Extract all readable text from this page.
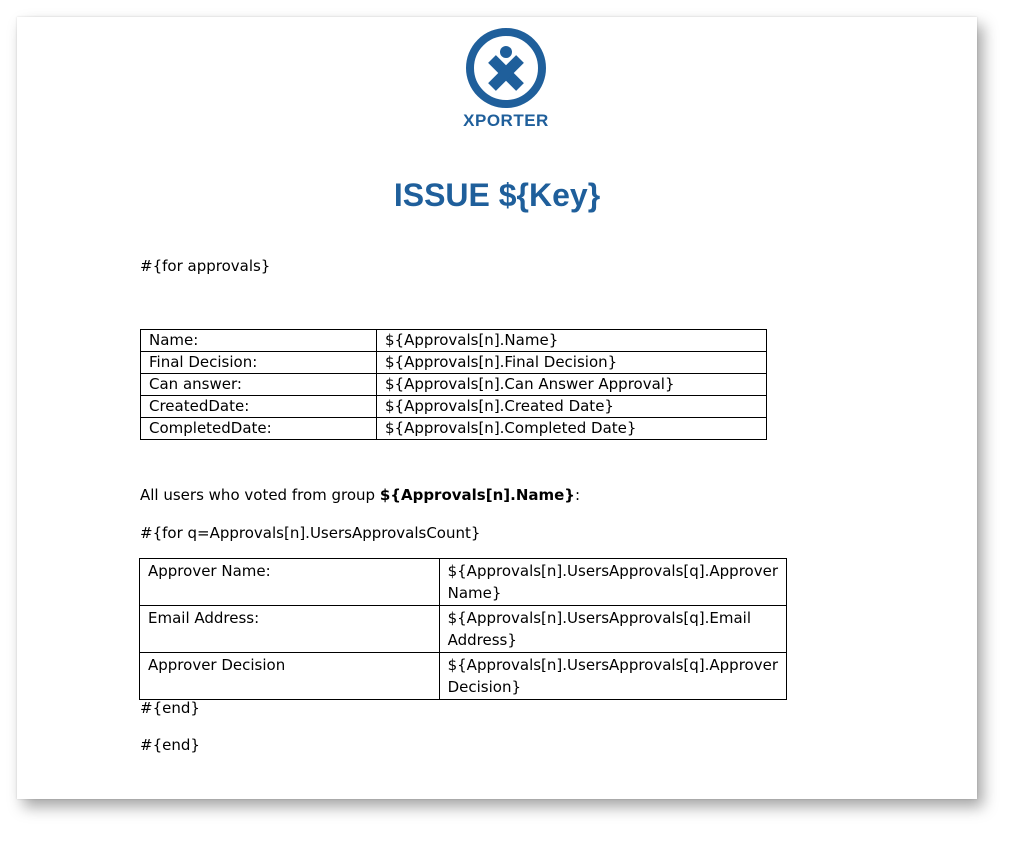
XPORTER
ISSUE ${Key}
#{for approvals}
Name:	${Approvals[n].Name}
Final Decision:	${Approvals[n].Final Decision}
Can answer:	${Approvals[n].Can Answer Approval}
CreatedDate:	${Approvals[n].Created Date}
CompletedDate:	${Approvals[n].Completed Date}
All users who voted from group ${Approvals[n].Name}:
#{for q=Approvals[n].UsersApprovalsCount}
Approver Name:	${Approvals[n].UsersApprovals[q].Approver Name}
Email Address:	${Approvals[n].UsersApprovals[q].Email Address}
Approver Decision	${Approvals[n].UsersApprovals[q].Approver Decision}
#{end}
#{end}
